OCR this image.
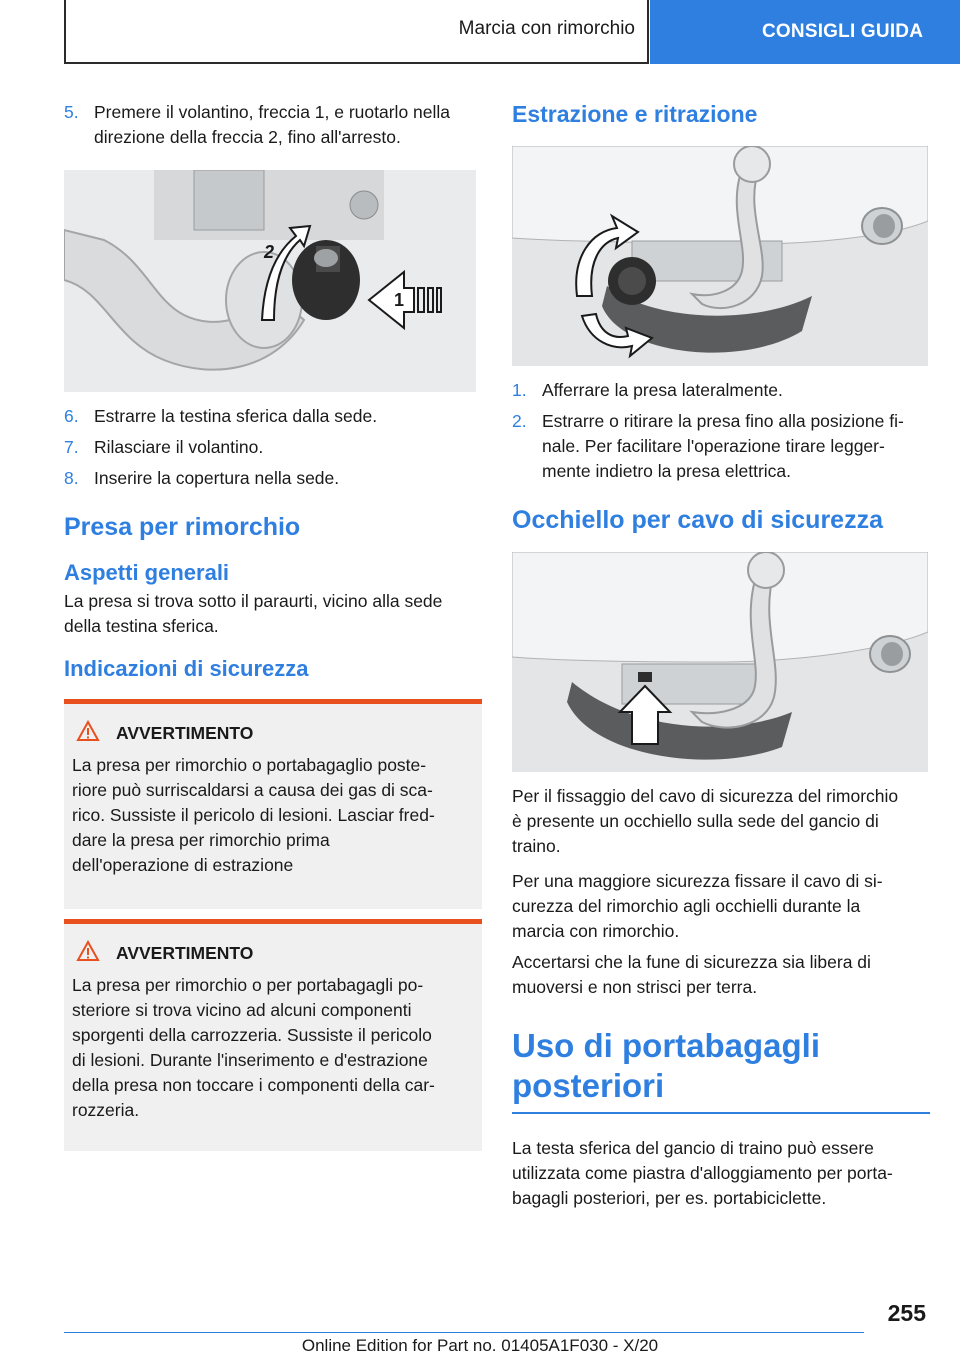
Marcia con rimorchio	CONSIGLI GUIDA
5. Premere il volantino, freccia 1, e ruotarlo nella direzione della freccia 2, fino all'arresto.
1
2
6. Estrarre la testina sferica dalla sede.
7. Rilasciare il volantino.
8. Inserire la copertura nella sede.
Presa per rimorchio
Aspetti generali

La presa si trova sotto il paraurti, vicino alla sede della testina sferica.

Indicazioni di sicurezza
AVVERTIMENTO

La presa per rimorchio o portabagaglio poste-
riore può surriscaldarsi a causa dei gas di sca-
rico. Sussiste il pericolo di lesioni. Lasciar fred-
dare la presa per rimorchio prima
dell'operazione di estrazione

AVVERTIMENTO

La presa per rimorchio o per portabagagli po-
steriore si trova vicino ad alcuni componenti
sporgenti della carrozzeria. Sussiste il pericolo
di lesioni. Durante l'inserimento e d'estrazione
della presa non toccare i componenti della car-
rozzeria.

Estrazione e ritrazione
1. Afferrare la presa lateralmente.
2. Estrarre o ritirare la presa fino alla posizione fi-
nale. Per facilitare l'operazione tirare legger-
mente indietro la presa elettrica.
Occhiello per cavo di sicurezza

Per il fissaggio del cavo di sicurezza del rimorchio
è presente un occhiello sulla sede del gancio di
traino.

Per una maggiore sicurezza fissare il cavo di si-
curezza del rimorchio agli occhielli durante la
marcia con rimorchio.

Accertarsi che la fune di sicurezza sia libera di
muoversi e non strisci per terra.

Uso di portabagagli
posteriori

La testa sferica del gancio di traino può essere
utilizzata come piastra d'alloggiamento per porta-
bagagli posteriori, per es. portabiciclette.

255
Online Edition for Part no. 01405A1F030 - X/20
